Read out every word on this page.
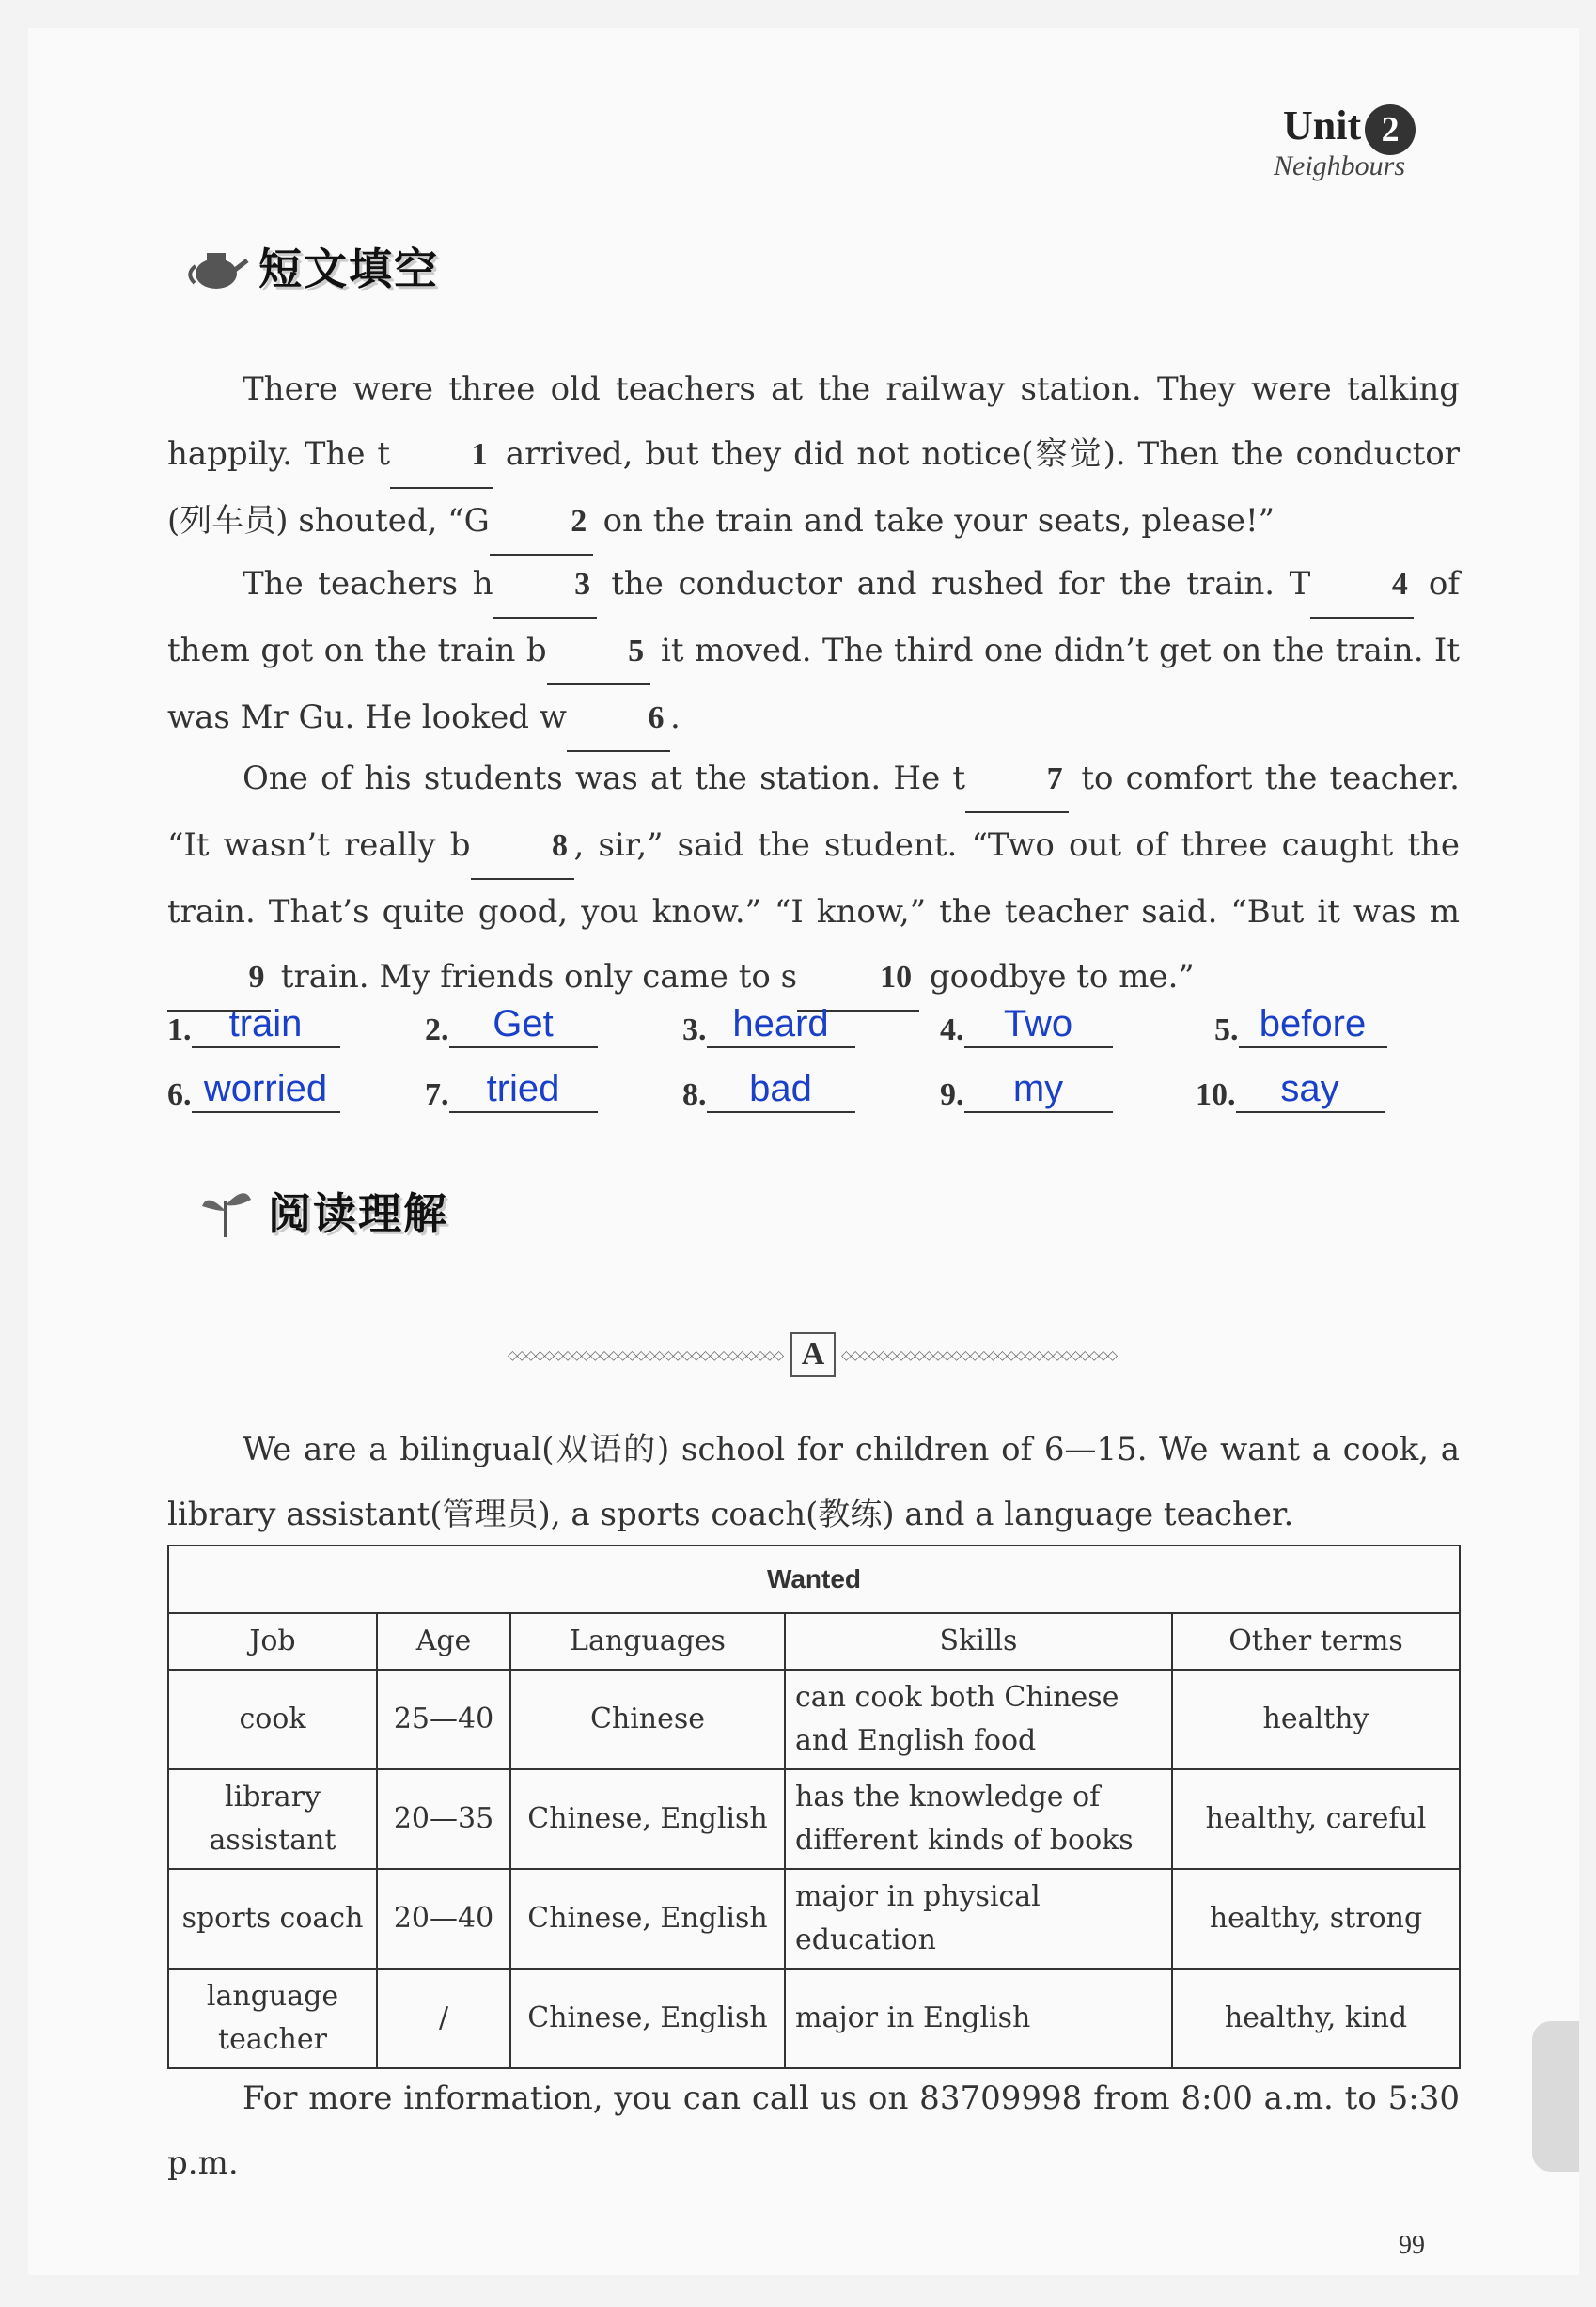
Unit 2
Neighbours
短文填空
There were three old teachers at the railway station. They were talking happily. The t	1 arrived, but they did not notice(察觉). Then the conductor (列车员) shouted, “G	2 on the train and take your seats, please!”
The teachers h	3 the conductor and rushed for the train. T	4 of them got on the train b	5 it moved. The third one didn’t get on the train. It was Mr Gu. He looked w	6 .
One of his students was at the station. He t	7 to comfort the teacher. “It wasn’t really b	8 , sir,” said the student. “Two out of three caught the train. That’s quite good, you know.” “I know,” the teacher said. “But it was m9 train. My friends only came to s	10 goodbye to me.”
1.	train	2.	Get	3. heard	4.	Two	5. before
6. worried	7.	tried	8.	bad	9.	my	10.	say
阅读理解
◇◇◇◇◇◇◇◇◇◇◇◇◇◇◇◇◇◇◇◇◇◇◇◇◇◇◇◇◇◇ A	◇◇◇◇◇◇◇◇◇◇◇◇◇◇◇◇◇◇◇◇◇◇◇◇◇◇◇◇◇◇
We are a bilingual(双语的) school for children of 6—15. We want a cook, a library assistant(管理员), a sports coach(教练) and a language teacher.
Wanted				
Job	Age	Languages	Skills	Other terms
cook	25—40	Chinese	can cook both Chinese and English food	healthy
library assistant	20—35	Chinese, English	has the knowledge of different kinds of books	healthy, careful
sports coach	20—40	Chinese, English	major in physical education	healthy, strong
language teacher	/	Chinese, English	major in English	healthy, kind
For more information, you can call us on 83709998 from 8:00 a.m. to 5:30 p.m.
99
